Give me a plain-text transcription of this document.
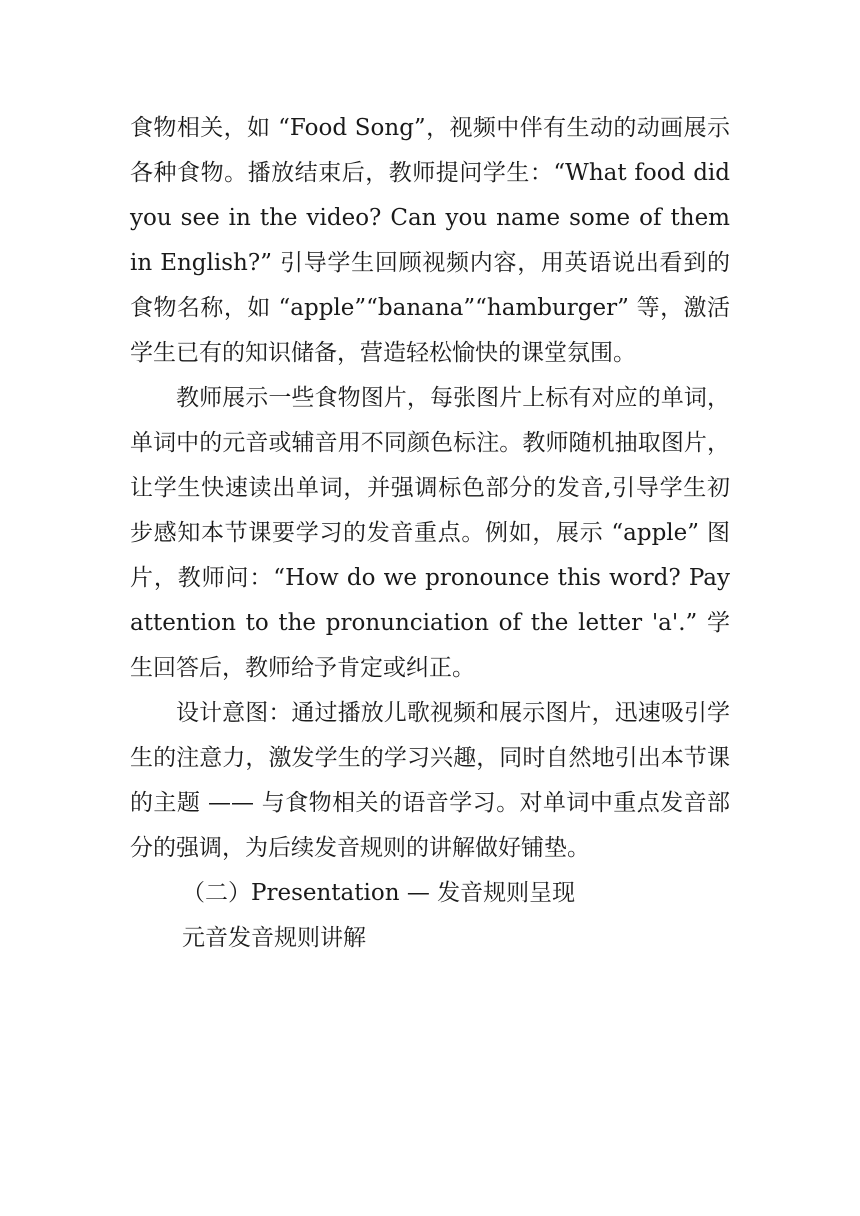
食物相关，如 “Food Song”，视频中伴有生动的动画展示各种食物。播放结束后，教师提问学生：“What food did you see in the video? Can you name some of them in English?” 引导学生回顾视频内容，用英语说出看到的食物名称，如 “apple”“banana”“hamburger” 等，激活学生已有的知识储备，营造轻松愉快的课堂氛围。

教师展示一些食物图片，每张图片上标有对应的单词，单词中的元音或辅音用不同颜色标注。教师随机抽取图片，让学生快速读出单词，并强调标色部分的发音,引导学生初步感知本节课要学习的发音重点。例如，展示 “apple” 图片，教师问：“How do we pronounce this word? Pay attention to the pronunciation of the letter 'a'.” 学生回答后，教师给予肯定或纠正。

设计意图：通过播放儿歌视频和展示图片，迅速吸引学生的注意力，激发学生的学习兴趣，同时自然地引出本节课的主题 —— 与食物相关的语音学习。对单词中重点发音部分的强调，为后续发音规则的讲解做好铺垫。

（二）Presentation — 发音规则呈现

元音发音规则讲解
